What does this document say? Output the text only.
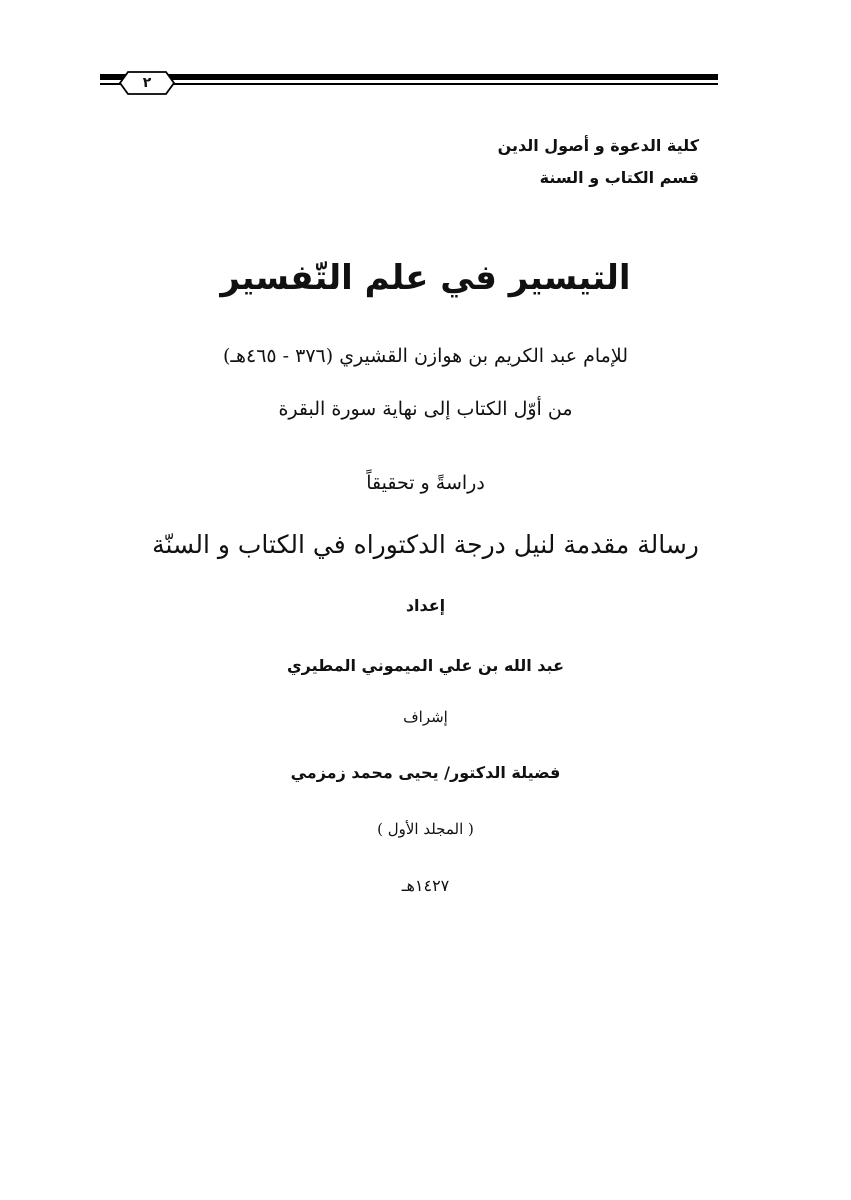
٢
كلية الدعوة و أصول الدين
قسم الكتاب و السنة
التيسير في علم التّفسير
للإمام عبد الكريم بن هوازن القشيري (٣٧٦ - ٤٦٥هـ)
من أوّل الكتاب إلى نهاية سورة البقرة
دراسةً و تحقيقاً
رسالة مقدمة لنيل درجة الدكتوراه في الكتاب و السنّة
إعداد
عبد الله بن علي الميموني المطيري
إشراف
فضيلة الدكتور/ يحيى محمد زمزمي
( المجلد الأول )
١٤٢٧هـ
